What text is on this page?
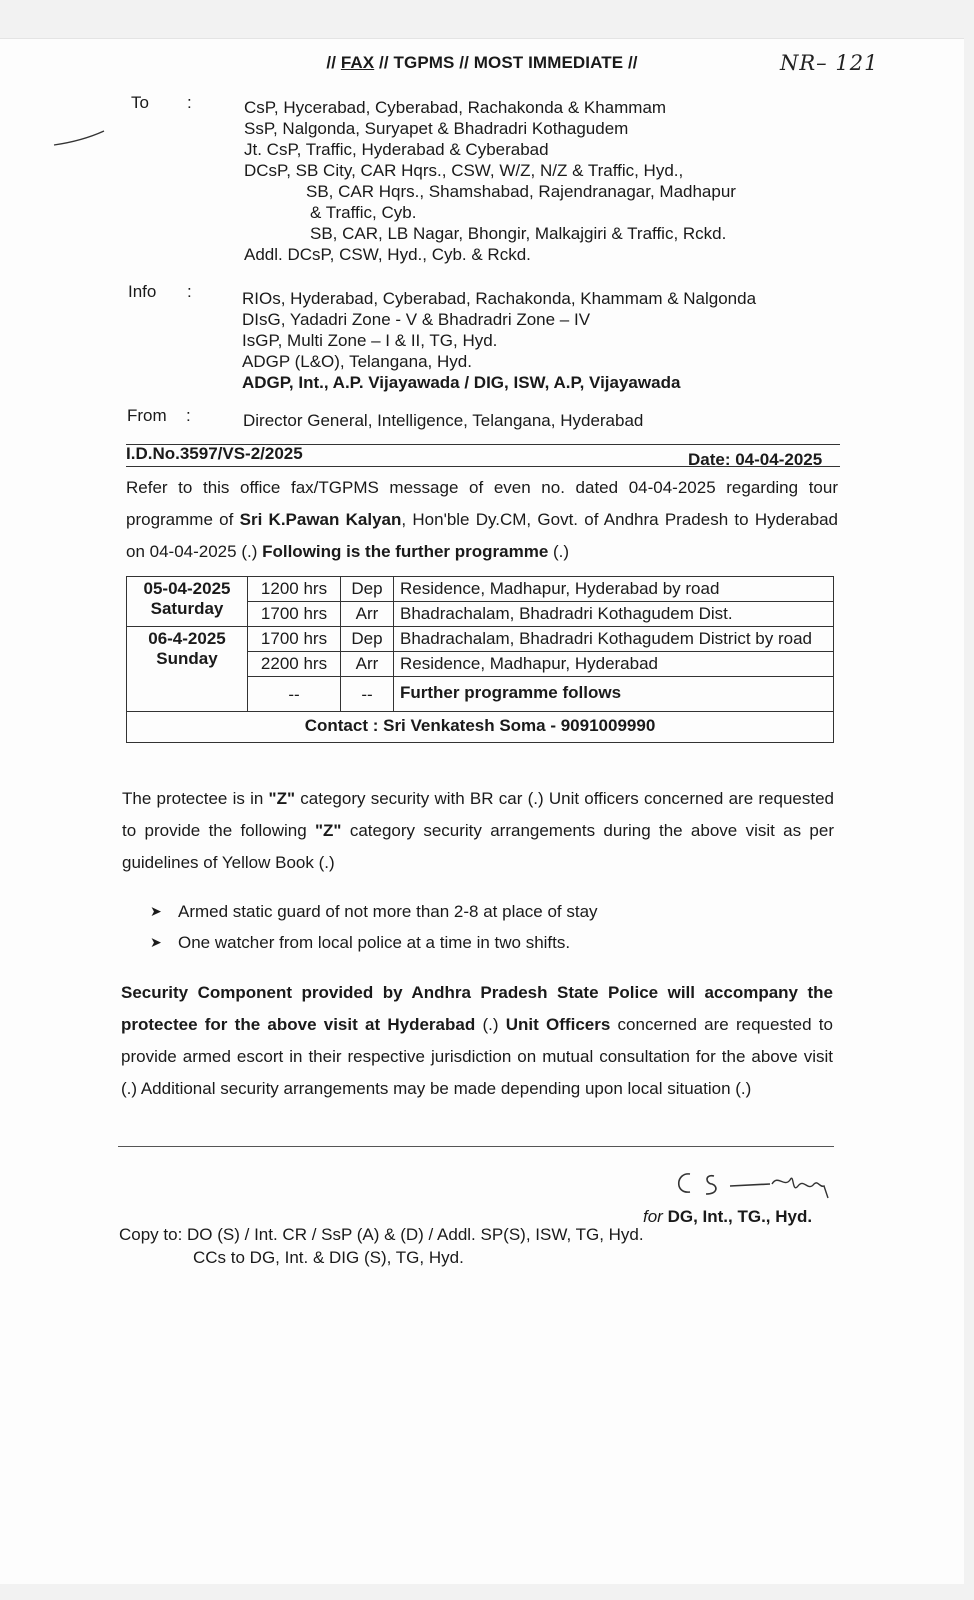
// FAX // TGPMS // MOST IMMEDIATE //	NR– 121
To :	CsP, Hycerabad, Cyberabad, Rachakonda & Khammam
SsP, Nalgonda, Suryapet & Bhadradri Kothagudem
Jt. CsP, Traffic, Hyderabad & Cyberabad
DCsP, SB City, CAR Hqrs., CSW, W/Z, N/Z & Traffic, Hyd.,
SB, CAR Hqrs., Shamshabad, Rajendranagar, Madhapur
& Traffic, Cyb.
SB, CAR, LB Nagar, Bhongir, Malkajgiri & Traffic, Rckd.
Addl. DCsP, CSW, Hyd., Cyb. & Rckd.
Info :	RIOs, Hyderabad, Cyberabad, Rachakonda, Khammam & Nalgonda
DIsG, Yadadri Zone - V & Bhadradri Zone – IV
IsGP, Multi Zone – I & II, TG, Hyd.
ADGP (L&O), Telangana, Hyd.
ADGP, Int., A.P. Vijayawada / DIG, ISW, A.P, Vijayawada
From :	Director General, Intelligence, Telangana, Hyderabad
I.D.No.3597/VS-2/2025	Date: 04-04-2025
Refer to this office fax/TGPMS message of even no. dated 04-04-2025 regarding tour programme of Sri K.Pawan Kalyan, Hon'ble Dy.CM, Govt. of Andhra Pradesh to Hyderabad on 04-04-2025 (.) Following is the further programme (.)
05-04-2025
Saturday	1200 hrs	Dep	Residence, Madhapur, Hyderabad by road
	1700 hrs	Arr	Bhadrachalam, Bhadradri Kothagudem Dist.

06-4-2025
Sunday	1700 hrs	Dep	Bhadrachalam, Bhadradri Kothagudem District by road
	2200 hrs	Arr	Residence, Madhapur, Hyderabad
	--	--	Further programme follows
Contact : Sri Venkatesh Soma - 9091009990			
The protectee is in "Z" category security with BR car (.) Unit officers concerned are requested to provide the following "Z" category security arrangements during the above visit as per guidelines of Yellow Book (.)
➤ Armed static guard of not more than 2-8 at place of stay
➤ One watcher from local police at a time in two shifts.
Security Component provided by Andhra Pradesh State Police will accompany the protectee for the above visit at Hyderabad (.) Unit Officers concerned are requested to provide armed escort in their respective jurisdiction on mutual consultation for the above visit (.) Additional security arrangements may be made depending upon local situation (.)
for DG, Int., TG., Hyd.
Copy to: DO (S) / Int. CR / SsP (A) & (D) / Addl. SP(S), ISW, TG, Hyd.
CCs to DG, Int. & DIG (S), TG, Hyd.
